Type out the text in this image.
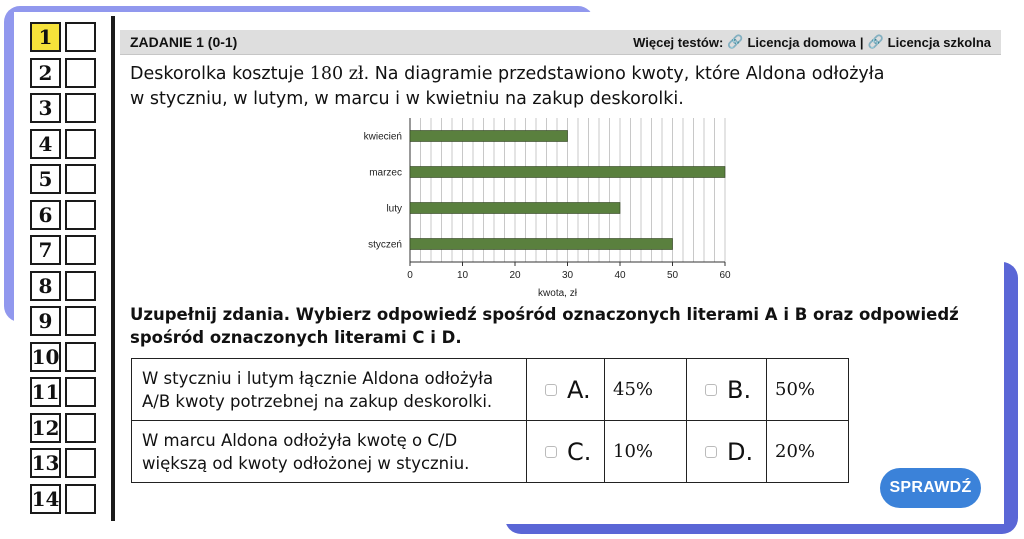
1
2
3
4
5
6
7
8
9
10
11
12
13
14
ZADANIE 1 (0-1)	Więcej testów: 🔗 Licencja domowa | 🔗 Licencja szkolna
Deskorolka kosztuje 180 zł. Na diagramie przedstawiono kwoty, które Aldona odłożyła
w styczniu, w lutym, w marcu i w kwietniu na zakup deskorolki.
kwiecień
marzec
luty
styczeń
0	10	20	30	40	50	60
kwota, zł
Uzupełnij zdania. Wybierz odpowiedź spośród oznaczonych literami A i B oraz odpowiedź
spośród oznaczonych literami C i D.
W styczniu i lutym łącznie Aldona odłożyła
A/B kwoty potrzebnej na zakup deskorolki.	A.	45%	B.	50%

W marcu Aldona odłożyła kwotę o C/D
większą od kwoty odłożonej w styczniu.	C.	10%	D.	20%
SPRAWDŹ
